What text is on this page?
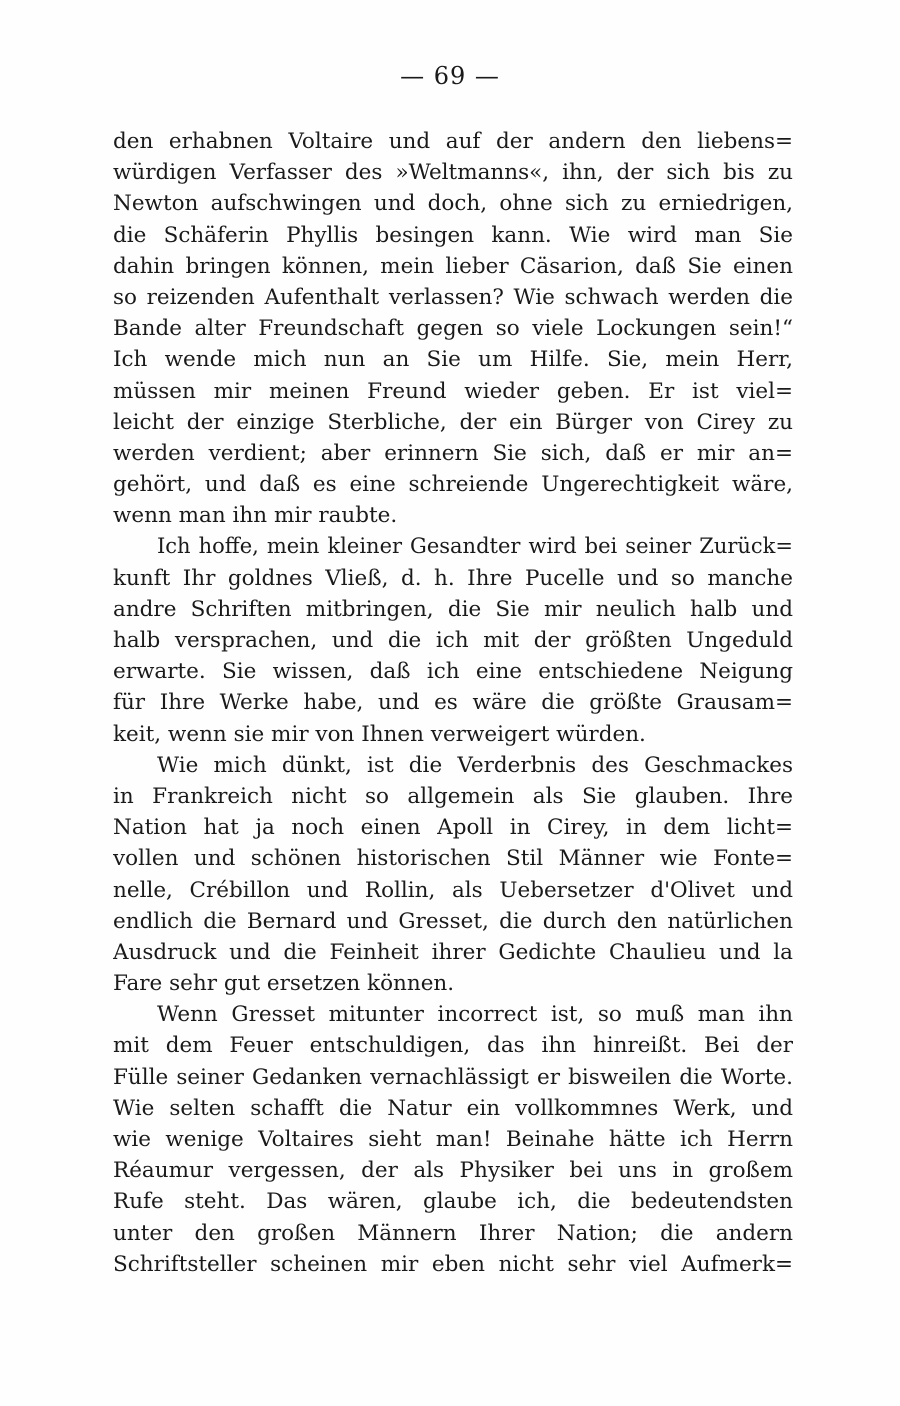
— 69 —
den erhabnen Voltaire und auf der andern den liebens=
würdigen Verfasser des »Weltmanns«, ihn, der sich bis zu
Newton aufschwingen und doch, ohne sich zu erniedrigen,
die Schäferin Phyllis besingen kann. Wie wird man Sie
dahin bringen können, mein lieber Cäsarion, daß Sie einen
so reizenden Aufenthalt verlassen? Wie schwach werden die
Bande alter Freundschaft gegen so viele Lockungen sein!“
Ich wende mich nun an Sie um Hilfe. Sie, mein Herr,
müssen mir meinen Freund wieder geben. Er ist viel=
leicht der einzige Sterbliche, der ein Bürger von Cirey zu
werden verdient; aber erinnern Sie sich, daß er mir an=
gehört, und daß es eine schreiende Ungerechtigkeit wäre,
wenn man ihn mir raubte.
Ich hoffe, mein kleiner Gesandter wird bei seiner Zurück=
kunft Ihr goldnes Vließ, d. h. Ihre Pucelle und so manche
andre Schriften mitbringen, die Sie mir neulich halb und
halb versprachen, und die ich mit der größten Ungeduld
erwarte. Sie wissen, daß ich eine entschiedene Neigung
für Ihre Werke habe, und es wäre die größte Grausam=
keit, wenn sie mir von Ihnen verweigert würden.
Wie mich dünkt, ist die Verderbnis des Geschmackes
in Frankreich nicht so allgemein als Sie glauben. Ihre
Nation hat ja noch einen Apoll in Cirey, in dem licht=
vollen und schönen historischen Stil Männer wie Fonte=
nelle, Crébillon und Rollin, als Uebersetzer d'Olivet und
endlich die Bernard und Gresset, die durch den natürlichen
Ausdruck und die Feinheit ihrer Gedichte Chaulieu und la
Fare sehr gut ersetzen können.
Wenn Gresset mitunter incorrect ist, so muß man ihn
mit dem Feuer entschuldigen, das ihn hinreißt. Bei der
Fülle seiner Gedanken vernachlässigt er bisweilen die Worte.
Wie selten schafft die Natur ein vollkommnes Werk, und
wie wenige Voltaires sieht man! Beinahe hätte ich Herrn
Réaumur vergessen, der als Physiker bei uns in großem
Rufe steht. Das wären, glaube ich, die bedeutendsten
unter den großen Männern Ihrer Nation; die andern
Schriftsteller scheinen mir eben nicht sehr viel Aufmerk=
